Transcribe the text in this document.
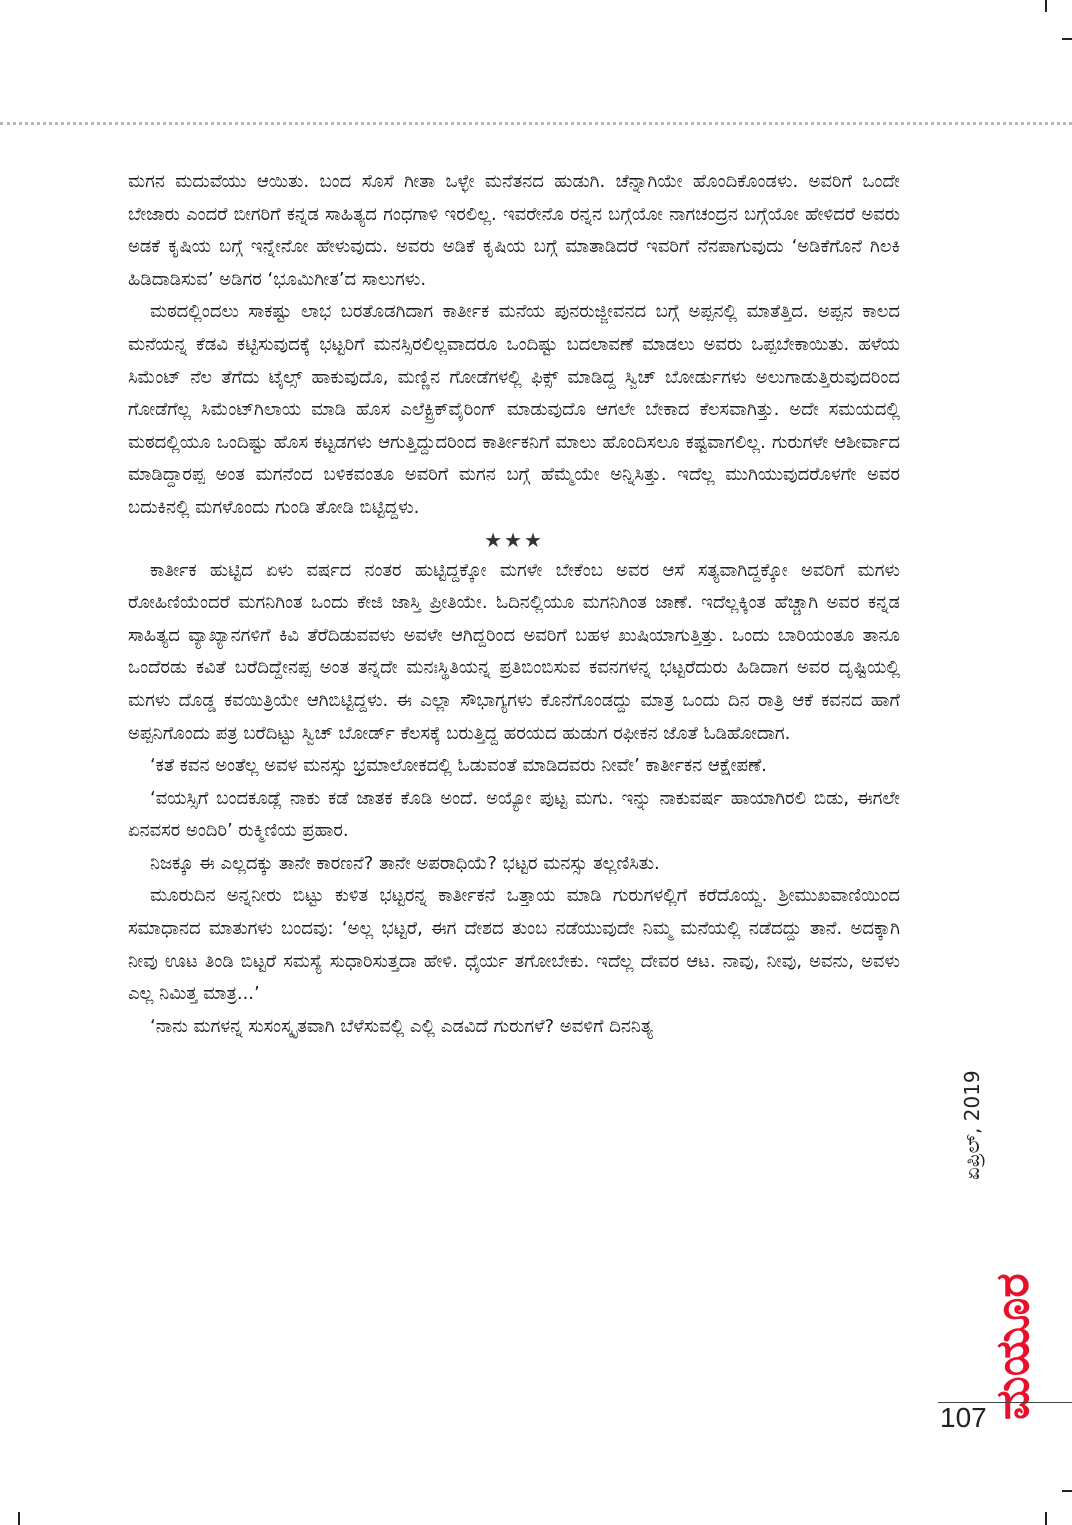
ಮಗನ ಮದುವೆಯು ಆಯಿತು. ಬಂದ ಸೊಸೆ ಗೀತಾ ಒಳ್ಳೇ ಮನೆತನದ ಹುಡುಗಿ. ಚೆನ್ನಾಗಿಯೇ ಹೊಂದಿಕೊಂಡಳು. ಅವರಿಗೆ ಒಂದೇ ಬೇಜಾರು ಎಂದರೆ ಬೀಗರಿಗೆ ಕನ್ನಡ ಸಾಹಿತ್ಯದ ಗಂಧಗಾಳಿ ಇರಲಿಲ್ಲ. ಇವರೇನೊ ರನ್ನನ ಬಗ್ಗೆಯೋ ನಾಗಚಂದ್ರನ ಬಗ್ಗೆಯೋ ಹೇಳಿದರೆ ಅವರು ಅಡಕೆ ಕೃಷಿಯ ಬಗ್ಗೆ ಇನ್ನೇನೋ ಹೇಳುವುದು. ಅವರು ಅಡಿಕೆ ಕೃಷಿಯ ಬಗ್ಗೆ ಮಾತಾಡಿದರೆ ಇವರಿಗೆ ನೆನಪಾಗುವುದು ‘ಅಡಿಕೆಗೊನೆ ಗಿಲಕಿ ಹಿಡಿದಾಡಿಸುವ’ ಅಡಿಗರ ‘ಭೂಮಿಗೀತ’ದ ಸಾಲುಗಳು.

ಮಠದಲ್ಲಿಂದಲು ಸಾಕಷ್ಟು ಲಾಭ ಬರತೊಡಗಿದಾಗ ಕಾರ್ತೀಕ ಮನೆಯ ಪುನರುಜ್ಜೀವನದ ಬಗ್ಗೆ ಅಪ್ಪನಲ್ಲಿ ಮಾತೆತ್ತಿದ. ಅಪ್ಪನ ಕಾಲದ ಮನೆಯನ್ನ ಕೆಡವಿ ಕಟ್ಟಿಸುವುದಕ್ಕೆ ಭಟ್ಟರಿಗೆ ಮನಸ್ಸಿರಲಿಲ್ಲವಾದರೂ ಒಂದಿಷ್ಟು ಬದಲಾವಣೆ ಮಾಡಲು ಅವರು ಒಪ್ಪಬೇಕಾಯಿತು. ಹಳೆಯ ಸಿಮೆಂಟ್ ನೆಲ ತೆಗೆದು ಟೈಲ್ಸ್ ಹಾಕುವುದೊ, ಮಣ್ಣಿನ ಗೋಡೆಗಳಲ್ಲಿ ಫಿಕ್ಸ್ ಮಾಡಿದ್ದ ಸ್ವಿಚ್ ಬೋರ್ಡುಗಳು ಅಲುಗಾಡುತ್ತಿರುವುದರಿಂದ ಗೋಡೆಗೆಲ್ಲ ಸಿಮೆಂಟ್‌ಗಿಲಾಯ ಮಾಡಿ ಹೊಸ ಎಲೆಕ್ಟ್ರಿಕ್‌ವೈರಿಂಗ್ ಮಾಡುವುದೊ ಆಗಲೇ ಬೇಕಾದ ಕೆಲಸವಾಗಿತ್ತು. ಅದೇ ಸಮಯದಲ್ಲಿ ಮಠದಲ್ಲಿಯೂ ಒಂದಿಷ್ಟು ಹೊಸ ಕಟ್ಟಡಗಳು ಆಗುತ್ತಿದ್ದುದರಿಂದ ಕಾರ್ತೀಕನಿಗೆ ಮಾಲು ಹೊಂದಿಸಲೂ ಕಷ್ಟವಾಗಲಿಲ್ಲ. ಗುರುಗಳೇ ಆಶೀರ್ವಾದ ಮಾಡಿದ್ದಾರಪ್ಪ ಅಂತ ಮಗನೆಂದ ಬಳಿಕವಂತೂ ಅವರಿಗೆ ಮಗನ ಬಗ್ಗೆ ಹೆಮ್ಮೆಯೇ ಅನ್ನಿಸಿತ್ತು. ಇದೆಲ್ಲ ಮುಗಿಯುವುದರೊಳಗೇ ಅವರ ಬದುಕಿನಲ್ಲಿ ಮಗಳೊಂದು ಗುಂಡಿ ತೋಡಿ ಬಿಟ್ಟಿದ್ದಳು.

★★★

ಕಾರ್ತೀಕ ಹುಟ್ಟಿದ ಏಳು ವರ್ಷದ ನಂತರ ಹುಟ್ಟಿದ್ದಕ್ಕೋ ಮಗಳೇ ಬೇಕೆಂಬ ಅವರ ಆಸೆ ಸತ್ಯವಾಗಿದ್ದಕ್ಕೋ ಅವರಿಗೆ ಮಗಳು ರೋಹಿಣಿಯೆಂದರೆ ಮಗನಿಗಿಂತ ಒಂದು ಕೇಜಿ ಜಾಸ್ತಿ ಪ್ರೀತಿಯೇ. ಓದಿನಲ್ಲಿಯೂ ಮಗನಿಗಿಂತ ಜಾಣೆ. ಇದೆಲ್ಲಕ್ಕಿಂತ ಹೆಚ್ಚಾಗಿ ಅವರ ಕನ್ನಡ ಸಾಹಿತ್ಯದ ವ್ಯಾಖ್ಯಾನಗಳಿಗೆ ಕಿವಿ ತೆರೆದಿಡುವವಳು ಅವಳೇ ಆಗಿದ್ದರಿಂದ ಅವರಿಗೆ ಬಹಳ ಖುಷಿಯಾಗುತ್ತಿತ್ತು. ಒಂದು ಬಾರಿಯಂತೂ ತಾನೂ ಒಂದೆರಡು ಕವಿತೆ ಬರೆದಿದ್ದೇನಪ್ಪ ಅಂತ ತನ್ನದೇ ಮನಃಸ್ಥಿತಿಯನ್ನ ಪ್ರತಿಬಿಂಬಿಸುವ ಕವನಗಳನ್ನ ಭಟ್ಟರೆದುರು ಹಿಡಿದಾಗ ಅವರ ದೃಷ್ಟಿಯಲ್ಲಿ ಮಗಳು ದೊಡ್ಡ ಕವಯಿತ್ರಿಯೇ ಆಗಿಬಿಟ್ಟಿದ್ದಳು. ಈ ಎಲ್ಲಾ ಸೌಭಾಗ್ಯಗಳು ಕೊನೆಗೊಂಡದ್ದು ಮಾತ್ರ ಒಂದು ದಿನ ರಾತ್ರಿ ಆಕೆ ಕವನದ ಹಾಗೆ ಅಪ್ಪನಿಗೊಂದು ಪತ್ರ ಬರೆದಿಟ್ಟು ಸ್ವಿಚ್ ಬೋರ್ಡ್ ಕೆಲಸಕ್ಕೆ ಬರುತ್ತಿದ್ದ ಹರಯದ ಹುಡುಗ ರಫೀಕನ ಜೊತೆ ಓಡಿಹೋದಾಗ.

‘ಕತೆ ಕವನ ಅಂತೆಲ್ಲ ಅವಳ ಮನಸ್ಸು ಭ್ರಮಾಲೋಕದಲ್ಲಿ ಓಡುವಂತೆ ಮಾಡಿದವರು ನೀವೇ’ ಕಾರ್ತೀಕನ ಆಕ್ಷೇಪಣೆ.

‘ವಯಸ್ಸಿಗೆ ಬಂದಕೂಡ್ಲೆ ನಾಕು ಕಡೆ ಜಾತಕ ಕೊಡಿ ಅಂದೆ. ಅಯ್ಯೋ ಪುಟ್ಟ ಮಗು. ಇನ್ನು ನಾಕುವರ್ಷ ಹಾಯಾಗಿರಲಿ ಬಿಡು, ಈಗಲೇ ಏನವಸರ ಅಂದಿರಿ’ ರುಕ್ಮಿಣಿಯ ಪ್ರಹಾರ.

ನಿಜಕ್ಕೂ ಈ ಎಲ್ಲದಕ್ಕು ತಾನೇ ಕಾರಣನೆ? ತಾನೇ ಅಪರಾಧಿಯೆ? ಭಟ್ಟರ ಮನಸ್ಸು ತಲ್ಲಣಿಸಿತು.

ಮೂರುದಿನ ಅನ್ನನೀರು ಬಿಟ್ಟು ಕುಳಿತ ಭಟ್ಟರನ್ನ ಕಾರ್ತೀಕನೆ ಒತ್ತಾಯ ಮಾಡಿ ಗುರುಗಳಲ್ಲಿಗೆ ಕರೆದೊಯ್ದ. ಶ್ರೀಮುಖವಾಣಿಯಿಂದ ಸಮಾಧಾನದ ಮಾತುಗಳು ಬಂದವು: ‘ಅಲ್ಲ ಭಟ್ಟರೆ, ಈಗ ದೇಶದ ತುಂಬ ನಡೆಯುವುದೇ ನಿಮ್ಮ ಮನೆಯಲ್ಲಿ ನಡೆದದ್ದು ತಾನೆ. ಅದಕ್ಕಾಗಿ ನೀವು ಊಟ ತಿಂಡಿ ಬಿಟ್ಟರೆ ಸಮಸ್ಯೆ ಸುಧಾರಿಸುತ್ತದಾ ಹೇಳಿ. ಧೈರ್ಯ ತಗೋಬೇಕು. ಇದೆಲ್ಲ ದೇವರ ಆಟ. ನಾವು, ನೀವು, ಅವನು, ಅವಳು ಎಲ್ಲ ನಿಮಿತ್ತ ಮಾತ್ರ...’

‘ನಾನು ಮಗಳನ್ನ ಸುಸಂಸ್ಕೃತವಾಗಿ ಬೆಳೆಸುವಲ್ಲಿ ಎಲ್ಲಿ ಎಡವಿದೆ ಗುರುಗಳೆ? ಅವಳಿಗೆ ದಿನನಿತ್ಯ

ಏಪ್ರಿಲ್, 2019
ಮಯೂರ
107
